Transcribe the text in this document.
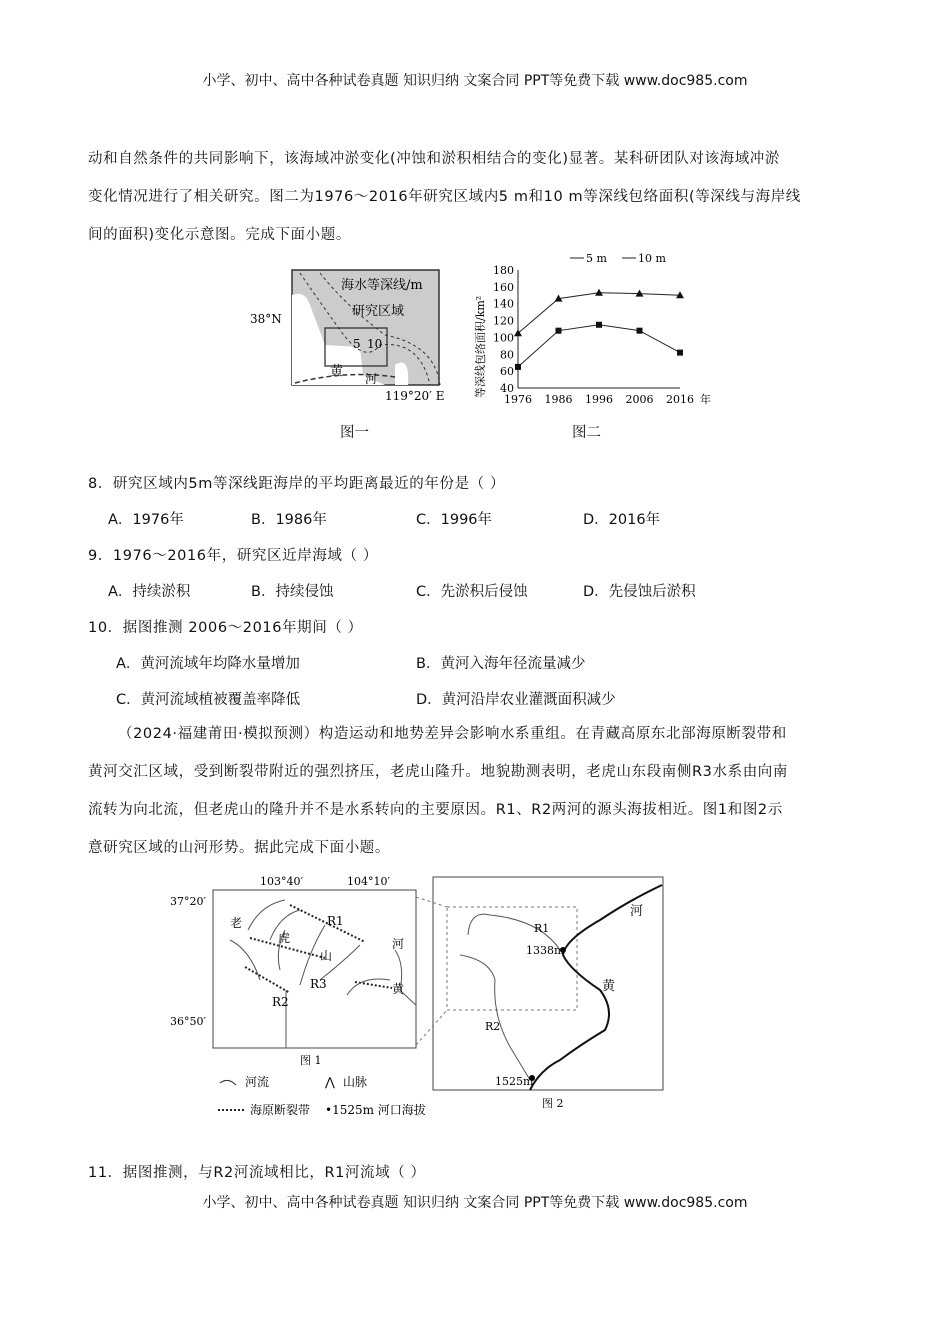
小学、初中、高中各种试卷真题 知识归纳 文案合同 PPT等免费下载 www.doc985.com
动和自然条件的共同影响下，该海域冲淤变化(冲蚀和淤积相结合的变化)显著。某科研团队对该海域冲淤
变化情况进行了相关研究。图二为1976～2016年研究区域内5 m和10 m等深线包络面积(等深线与海岸线
间的面积)变化示意图。完成下面小题。
海水等深线/m
研究区域
38°N
5 10
黄 河
119°20′ E
图一
40
60
80
100
120
140
160
180
1976 1986 1996 2006 2016 年
等深线包络面积/km²
5 m	10 m
图二
8．研究区域内5m等深线距海岸的平均距离最近的年份是（ ）
A．1976年	B．1986年	C．1996年	D．2016年
9．1976～2016年，研究区近岸海域（ ）
A．持续淤积	B．持续侵蚀	C．先淤积后侵蚀	D．先侵蚀后淤积
10．据图推测 2006～2016年期间（ ）
A．黄河流域年均降水量增加	B．黄河入海年径流量减少
C．黄河流域植被覆盖率降低	D．黄河沿岸农业灌溉面积减少
（2024·福建莆田·模拟预测）构造运动和地势差异会影响水系重组。在青藏高原东北部海原断裂带和
黄河交汇区域，受到断裂带附近的强烈挤压，老虎山隆升。地貌勘测表明，老虎山东段南侧R3水系由向南
流转为向北流，但老虎山的隆升并不是水系转向的主要原因。R1、R2两河的源头海拔相近。图1和图2示
意研究区域的山河形势。据此完成下面小题。
103°40′	104°10′
37°20′
36°50′
老
虎
山
河
黄
R1
R3
R2
图 1
1338m
1525m
河
黄
R1
R2
图 2
河流	⋀ 山脉
海原断裂带 •1525m 河口海拔
11．据图推测，与R2河流域相比，R1河流域（ ）
小学、初中、高中各种试卷真题 知识归纳 文案合同 PPT等免费下载 www.doc985.com
